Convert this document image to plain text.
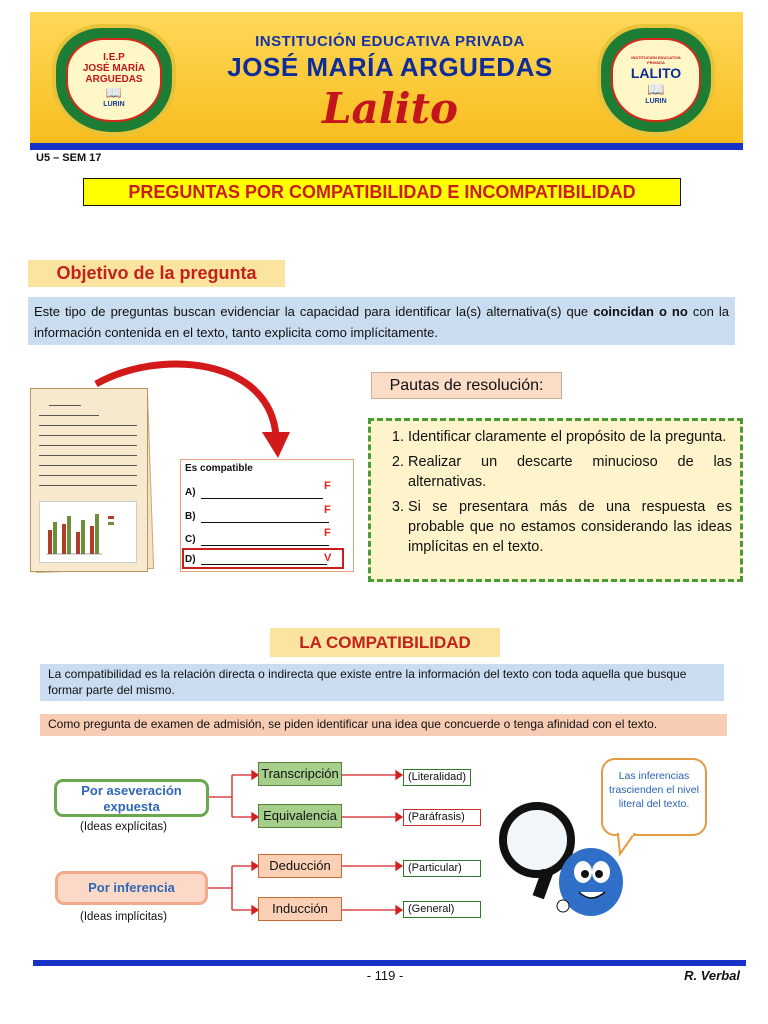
I.E.P
JOSÉ MARÍA
ARGUEDAS
📖
LURIN
INSTITUCIÓN EDUCATIVA PRIVADA
JOSÉ MARÍA ARGUEDAS
Lalito
INSTITUCIÓN EDUCATIVA PRIVADA
LALITO
📖
LURIN
U5 – SEM 17
PREGUNTAS POR COMPATIBILIDAD E INCOMPATIBILIDAD
Objetivo de la pregunta
Este tipo de preguntas buscan evidenciar la capacidad para identificar la(s) alternativa(s) que coincidan o no con la información contenida en el texto, tanto explicita como implícitamente.
Es compatible
A)
F
B)
F
C)
F
D)	V
Pautas de resolución:
1. Identificar claramente el propósito de la pregunta.
2. Realizar un descarte minucioso de las alternativas.
3. Si se presentara más de una respuesta es probable que no estamos considerando las ideas implícitas en el texto.
LA COMPATIBILIDAD
La compatibilidad es la relación directa o indirecta que existe entre la información del texto con toda aquella que busque formar parte del mismo.
Como pregunta de examen de admisión, se piden identificar una idea que concuerde o tenga afinidad con el texto.
Por aseveración expuesta
(Ideas explícitas)
Transcripción
Equivalencia
(Literalidad)
(Paráfrasis)
Por inferencia
(Ideas implícitas)
Deducción
Inducción
(Particular)
(General)
Las inferencias trascienden el nivel literal del texto.
- 119 -	R. Verbal
